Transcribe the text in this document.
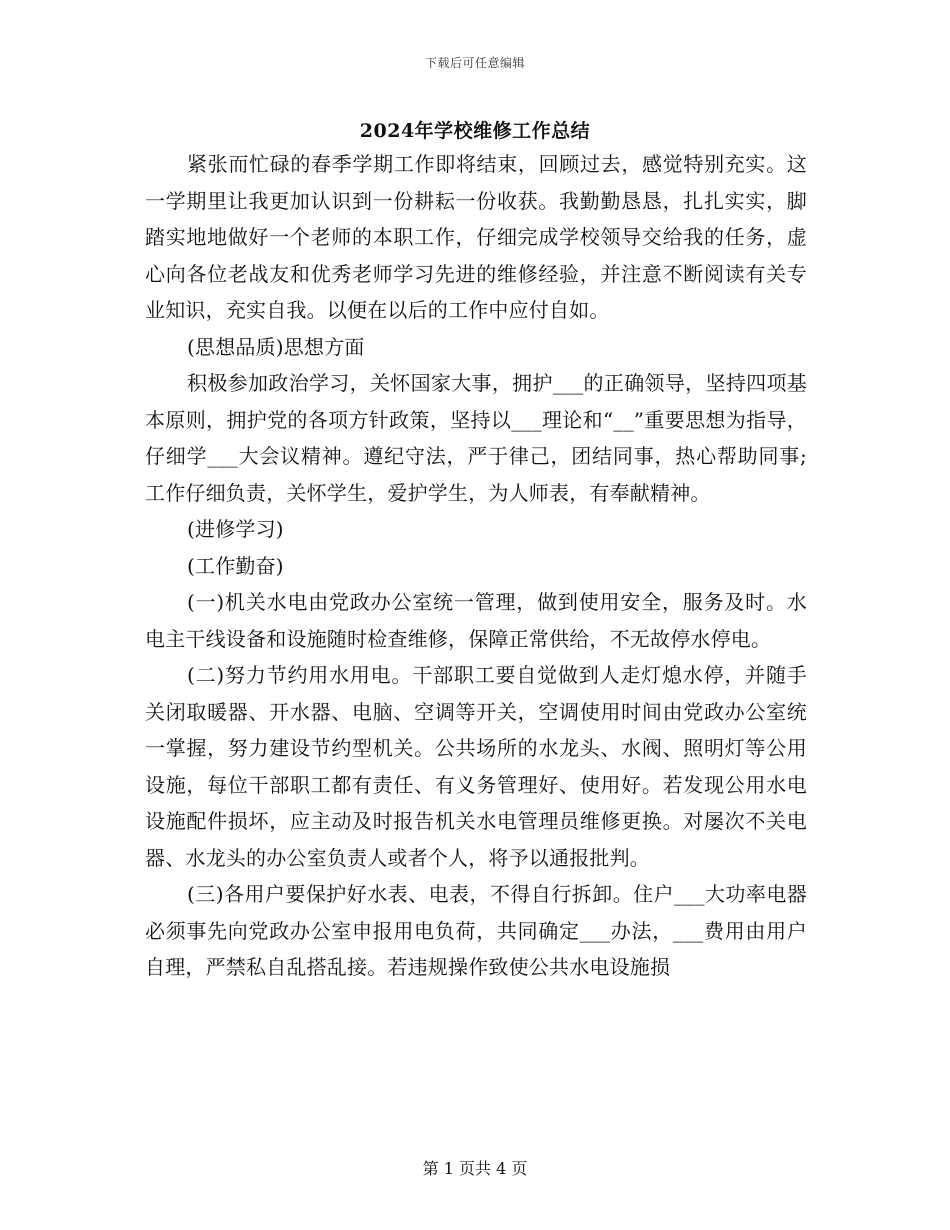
下载后可任意编辑
2024年学校维修工作总结

紧张而忙碌的春季学期工作即将结束，回顾过去，感觉特别充实。这一学期里让我更加认识到一份耕耘一份收获。我勤勤恳恳，扎扎实实，脚踏实地地做好一个老师的本职工作，仔细完成学校领导交给我的任务，虚心向各位老战友和优秀老师学习先进的维修经验，并注意不断阅读有关专业知识，充实自我。以便在以后的工作中应付自如。

(思想品质)思想方面

积极参加政治学习，关怀国家大事，拥护___的正确领导，坚持四项基本原则，拥护党的各项方针政策，坚持以___理论和“__”重要思想为指导，仔细学___大会议精神。遵纪守法，严于律己，团结同事，热心帮助同事;工作仔细负责，关怀学生，爱护学生，为人师表，有奉献精神。

(进修学习)

(工作勤奋)

(一)机关水电由党政办公室统一管理，做到使用安全，服务及时。水电主干线设备和设施随时检查维修，保障正常供给，不无故停水停电。

(二)努力节约用水用电。干部职工要自觉做到人走灯熄水停，并随手关闭取暖器、开水器、电脑、空调等开关，空调使用时间由党政办公室统一掌握，努力建设节约型机关。公共场所的水龙头、水阀、照明灯等公用设施，每位干部职工都有责任、有义务管理好、使用好。若发现公用水电设施配件损坏，应主动及时报告机关水电管理员维修更换。对屡次不关电器、水龙头的办公室负责人或者个人，将予以通报批判。

(三)各用户要保护好水表、电表，不得自行拆卸。住户___大功率电器必须事先向党政办公室申报用电负荷，共同确定___办法，___费用由用户自理，严禁私自乱搭乱接。若违规操作致使公共水电设施损

第 1 页共 4 页
